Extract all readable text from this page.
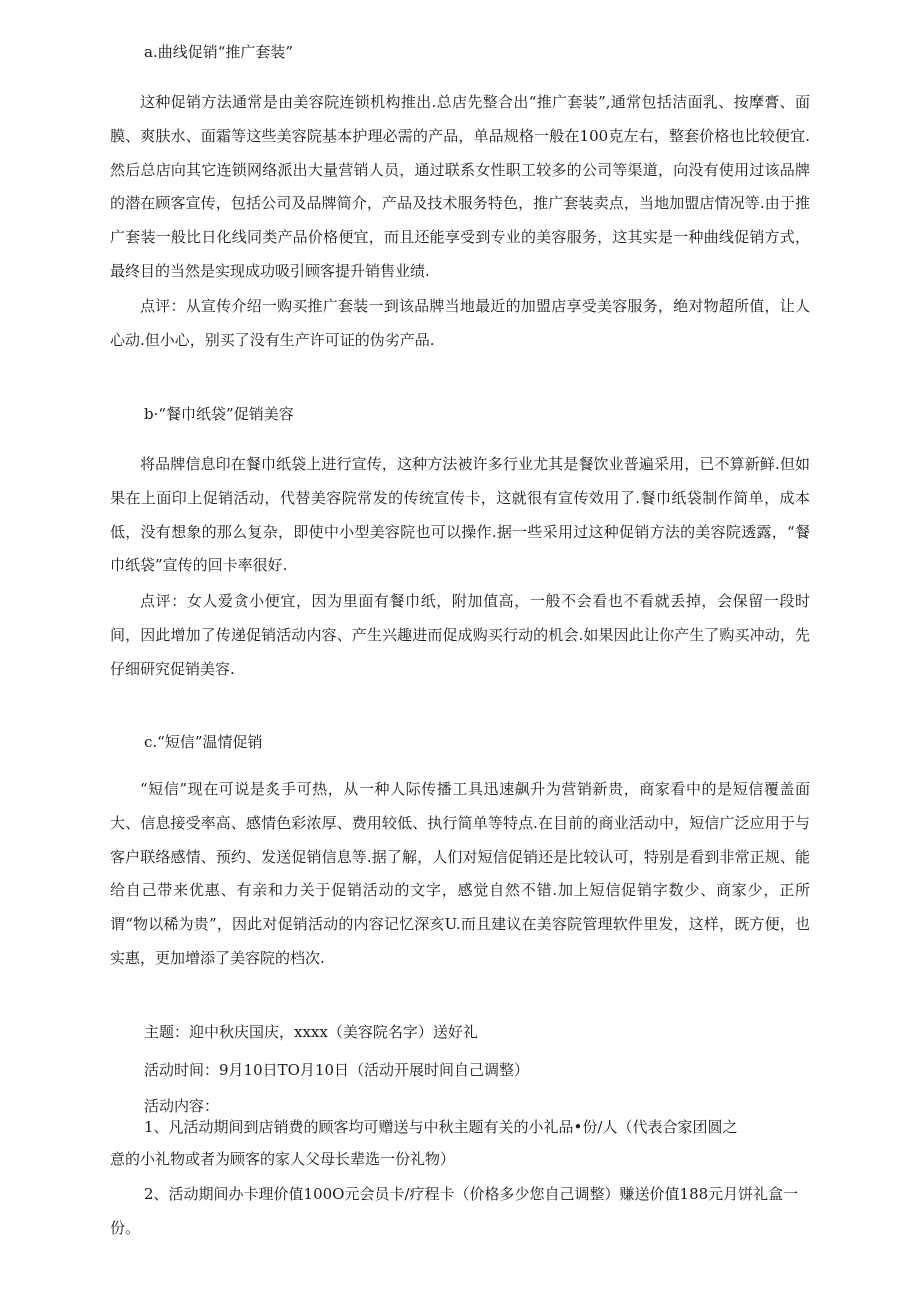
a.曲线促销“推广套装”

这种促销方法通常是由美容院连锁机构推出.总店先整合出“推广套装”,通常包括洁面乳、按摩膏、面膜、爽肤水、面霜等这些美容院基本护理必需的产品，单品规格一般在100克左右，整套价格也比较便宜.然后总店向其它连锁网络派出大量营销人员，通过联系女性职工较多的公司等渠道，向没有使用过该品牌的潜在顾客宣传，包括公司及品牌简介，产品及技术服务特色，推广套装卖点，当地加盟店情况等.由于推广套装一般比日化线同类产品价格便宜，而且还能享受到专业的美容服务，这其实是一种曲线促销方式，最终目的当然是实现成功吸引顾客提升销售业绩.

点评：从宣传介绍一购买推广套装一到该品牌当地最近的加盟店享受美容服务，绝对物超所值，让人心动.但小心，别买了没有生产许可证的伪劣产品.

b·“餐巾纸袋”促销美容

将品牌信息印在餐巾纸袋上进行宣传，这种方法被许多行业尤其是餐饮业普遍采用，已不算新鲜.但如果在上面印上促销活动，代替美容院常发的传统宣传卡，这就很有宣传效用了.餐巾纸袋制作简单，成本低，没有想象的那么复杂，即使中小型美容院也可以操作.据一些采用过这种促销方法的美容院透露，“餐巾纸袋”宣传的回卡率很好.

点评：女人爱贪小便宜，因为里面有餐巾纸，附加值高，一般不会看也不看就丢掉，会保留一段时间，因此增加了传递促销活动内容、产生兴趣进而促成购买行动的机会.如果因此让你产生了购买冲动，先仔细研究促销美容.

c.“短信”温情促销

“短信”现在可说是炙手可热，从一种人际传播工具迅速飙升为营销新贵，商家看中的是短信覆盖面大、信息接受率高、感情色彩浓厚、费用较低、执行简单等特点.在目前的商业活动中，短信广泛应用于与客户联络感情、预约、发送促销信息等.据了解，人们对短信促销还是比较认可，特别是看到非常正规、能给自己带来优惠、有亲和力关于促销活动的文字，感觉自然不错.加上短信促销字数少、商家少，正所谓“物以稀为贵”，因此对促销活动的内容记忆深亥U.而且建议在美容院管理软件里发，这样，既方便，也实惠，更加增添了美容院的档次.

主题：迎中秋庆国庆，xxxx（美容院名字）送好礼
活动时间：9月10日TO月10日（活动开展时间自己调整）
活动内容：
1、凡活动期间到店销费的顾客均可赠送与中秋主题有关的小礼品•份/人（代表合家团圆之
意的小礼物或者为顾客的家人父母长辈选一份礼物）
2、活动期间办卡理价值100O元会员卡/疗程卡（价格多少您自己调整）赚送价值188元月饼礼盒一
份。
